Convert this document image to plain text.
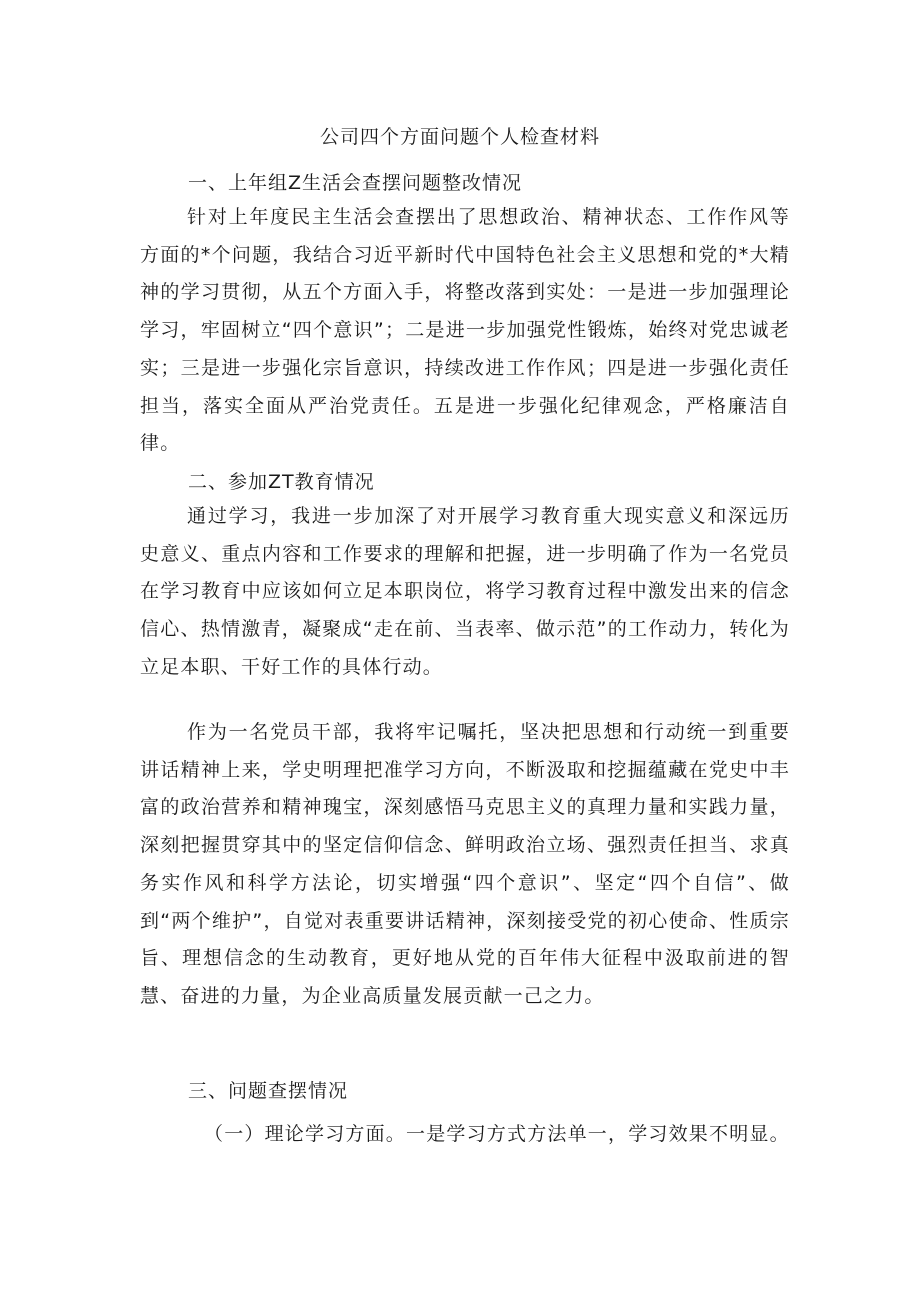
公司四个方面问题个人检查材料
一、上年组Z生活会查摆问题整改情况

针对上年度民主生活会查摆出了思想政治、精神状态、工作作风等方面的*个问题，我结合习近平新时代中国特色社会主义思想和党的*大精神的学习贯彻，从五个方面入手，将整改落到实处：一是进一步加强理论学习，牢固树立“四个意识”；二是进一步加强党性锻炼，始终对党忠诚老实；三是进一步强化宗旨意识，持续改进工作作风；四是进一步强化责任担当，落实全面从严治党责任。五是进一步强化纪律观念，严格廉洁自律。

二、参加ZT教育情况

通过学习，我进一步加深了对开展学习教育重大现实意义和深远历史意义、重点内容和工作要求的理解和把握，进一步明确了作为一名党员在学习教育中应该如何立足本职岗位，将学习教育过程中激发出来的信念信心、热情激青，凝聚成“走在前、当表率、做示范”的工作动力，转化为立足本职、干好工作的具体行动。

作为一名党员干部，我将牢记嘱托，坚决把思想和行动统一到重要讲话精神上来，学史明理把准学习方向，不断汲取和挖掘蕴藏在党史中丰富的政治营养和精神瑰宝，深刻感悟马克思主义的真理力量和实践力量，深刻把握贯穿其中的坚定信仰信念、鲜明政治立场、强烈责任担当、求真务实作风和科学方法论，切实增强“四个意识”、坚定“四个自信”、做到“两个维护”，自觉对表重要讲话精神，深刻接受党的初心使命、性质宗旨、理想信念的生动教育，更好地从党的百年伟大征程中汲取前进的智慧、奋进的力量，为企业高质量发展贡献一己之力。

三、问题查摆情况
（一）理论学习方面。一是学习方式方法单一，学习效果不明显。
